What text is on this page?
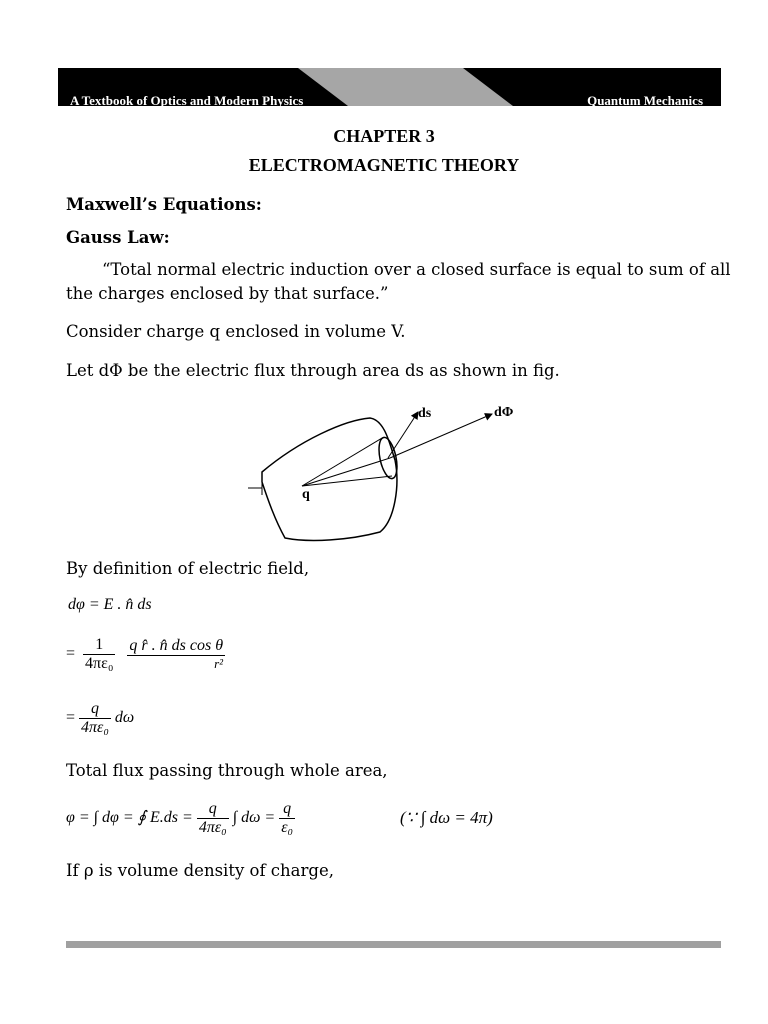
A Textbook of Optics and Modern Physics	Quantum Mechanics
CHAPTER 3
ELECTROMAGNETIC THEORY
Maxwell’s Equations:
Gauss Law:
“Total normal electric induction over a closed surface is equal to sum of all
the charges enclosed by that surface.”
Consider charge q enclosed in volume V.
Let dΦ be the electric flux through area ds as shown in fig.
ds	dΦ
q
By definition of electric field,
dφ = E . n̂ ds
= $\frac{1}{\text{4πε₀}}$
$\frac{\text{q r̂ . n̂ ds cos θ}}{\text{r²}}$
= $\frac{q}{\text{4πε₀}}$ dω
Total flux passing through whole area,
φ = ∫ dφ = ∮ $E.ds = \frac{q}{\text{4πε₀}}$ ∫ $d\omega = \frac{q}{\text{ε₀}}$	(∵ ∫ dω = 4π)
If ρ is volume density of charge,
